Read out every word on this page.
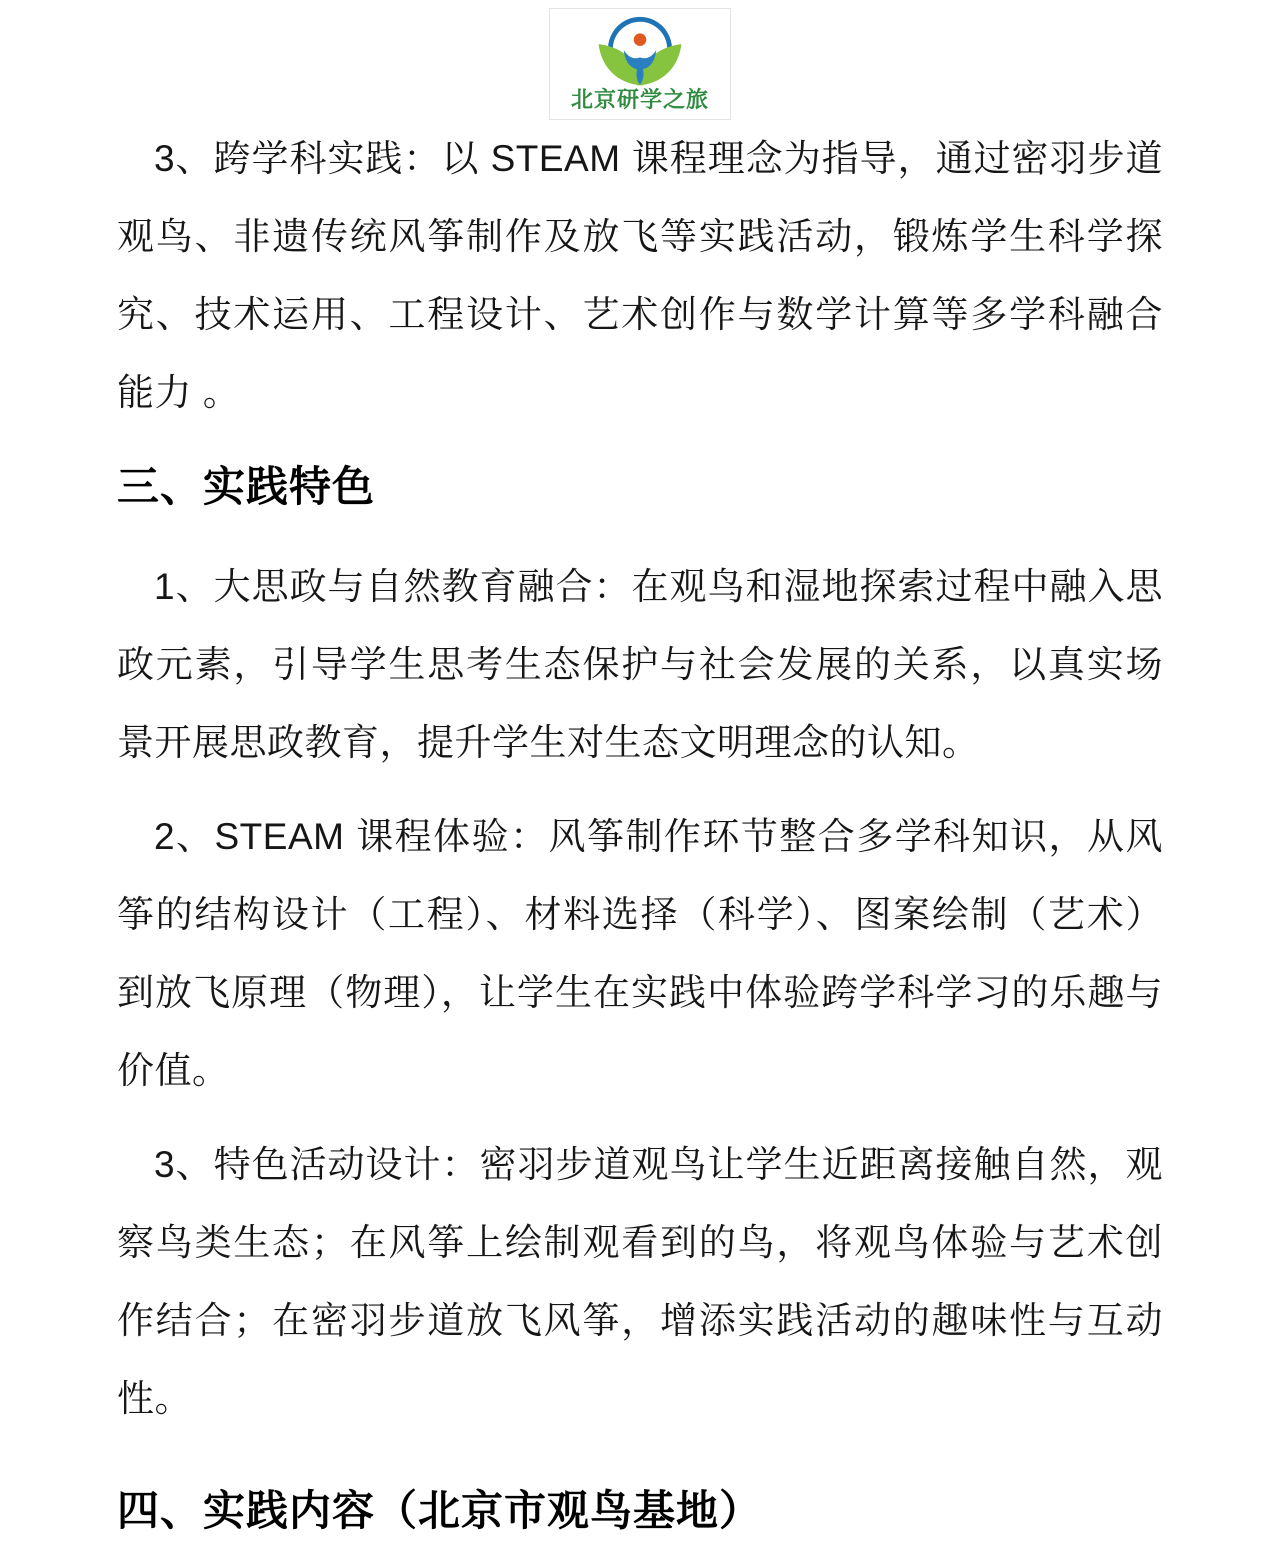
北京研学之旅

3、跨学科实践：以 STEAM 课程理念为指导，通过密羽步道观鸟、非遗传统风筝制作及放飞等实践活动，锻炼学生科学探究、技术运用、工程设计、艺术创作与数学计算等多学科融合能力 。

三、实践特色

1、大思政与自然教育融合：在观鸟和湿地探索过程中融入思政元素，引导学生思考生态保护与社会发展的关系，以真实场景开展思政教育，提升学生对生态文明理念的认知。

2、STEAM 课程体验：风筝制作环节整合多学科知识，从风筝的结构设计（工程）、材料选择（科学）、图案绘制（艺术）到放飞原理（物理），让学生在实践中体验跨学科学习的乐趣与价值。

3、特色活动设计：密羽步道观鸟让学生近距离接触自然，观察鸟类生态；在风筝上绘制观看到的鸟，将观鸟体验与艺术创作结合；在密羽步道放飞风筝，增添实践活动的趣味性与互动性。

四、实践内容（北京市观鸟基地）
